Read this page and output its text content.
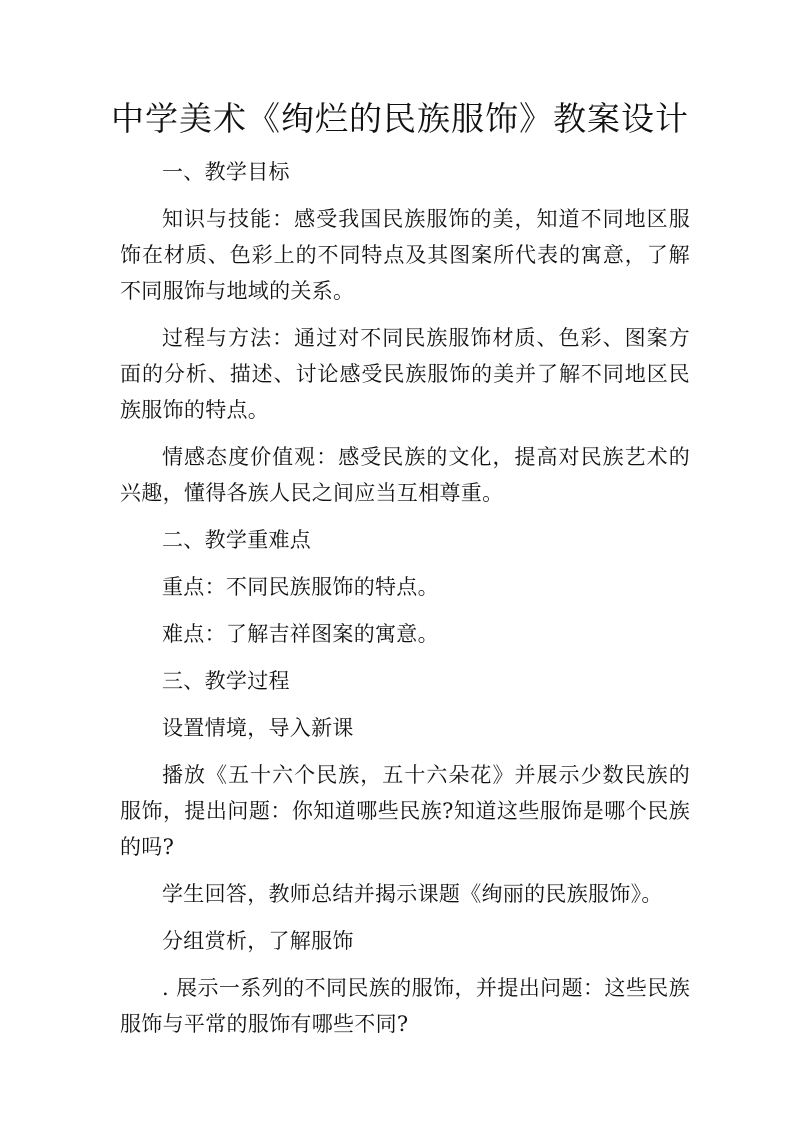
中学美术《绚烂的民族服饰》教案设计

一、教学目标

知识与技能：感受我国民族服饰的美，知道不同地区服饰在材质、色彩上的不同特点及其图案所代表的寓意，了解不同服饰与地域的关系。

过程与方法：通过对不同民族服饰材质、色彩、图案方面的分析、描述、讨论感受民族服饰的美并了解不同地区民族服饰的特点。

情感态度价值观：感受民族的文化，提高对民族艺术的兴趣，懂得各族人民之间应当互相尊重。

二、教学重难点

重点：不同民族服饰的特点。

难点：了解吉祥图案的寓意。

三、教学过程

设置情境，导入新课

播放《五十六个民族，五十六朵花》并展示少数民族的服饰，提出问题：你知道哪些民族?知道这些服饰是哪个民族的吗?

学生回答，教师总结并揭示课题《绚丽的民族服饰》。

分组赏析，了解服饰

. 展示一系列的不同民族的服饰，并提出问题：这些民族服饰与平常的服饰有哪些不同?
